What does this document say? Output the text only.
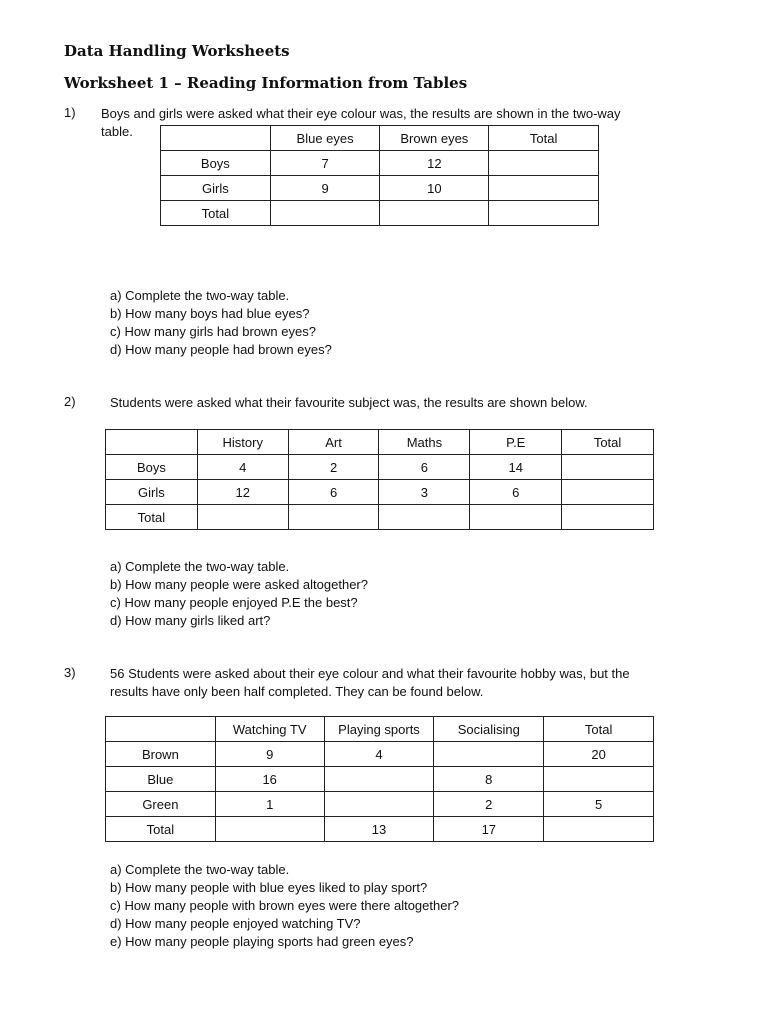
Data Handling Worksheets
Worksheet 1 – Reading Information from Tables
1) Boys and girls were asked what their eye colour was, the results are shown in the two-way
table.
		Blue eyes	Brown eyes	Total
Boys	7	12	
Girls	9	10	
Total			

a) Complete the two-way table.

b) How many boys had blue eyes?

c) How many girls had brown eyes?

d) How many people had brown eyes?

2)	Students were asked what their favourite subject was, the results are shown below.
	History	Art	Maths	P.E	Total
Boys	4	2	6	14	
Girls	12	6	3	6	
Total					

a) Complete the two-way table.

b) How many people were asked altogether?

c) How many people enjoyed P.E the best?

d) How many girls liked art?

3)	56 Students were asked about their eye colour and what their favourite hobby was, but the
results have only been half completed. They can be found below.
	Watching TV	Playing sports	Socialising	Total
Brown	9	4		20
Blue	16		8	
Green	1		2	5
Total		13	17	

a) Complete the two-way table.

b) How many people with blue eyes liked to play sport?

c) How many people with brown eyes were there altogether?

d) How many people enjoyed watching TV?

e) How many people playing sports had green eyes?
